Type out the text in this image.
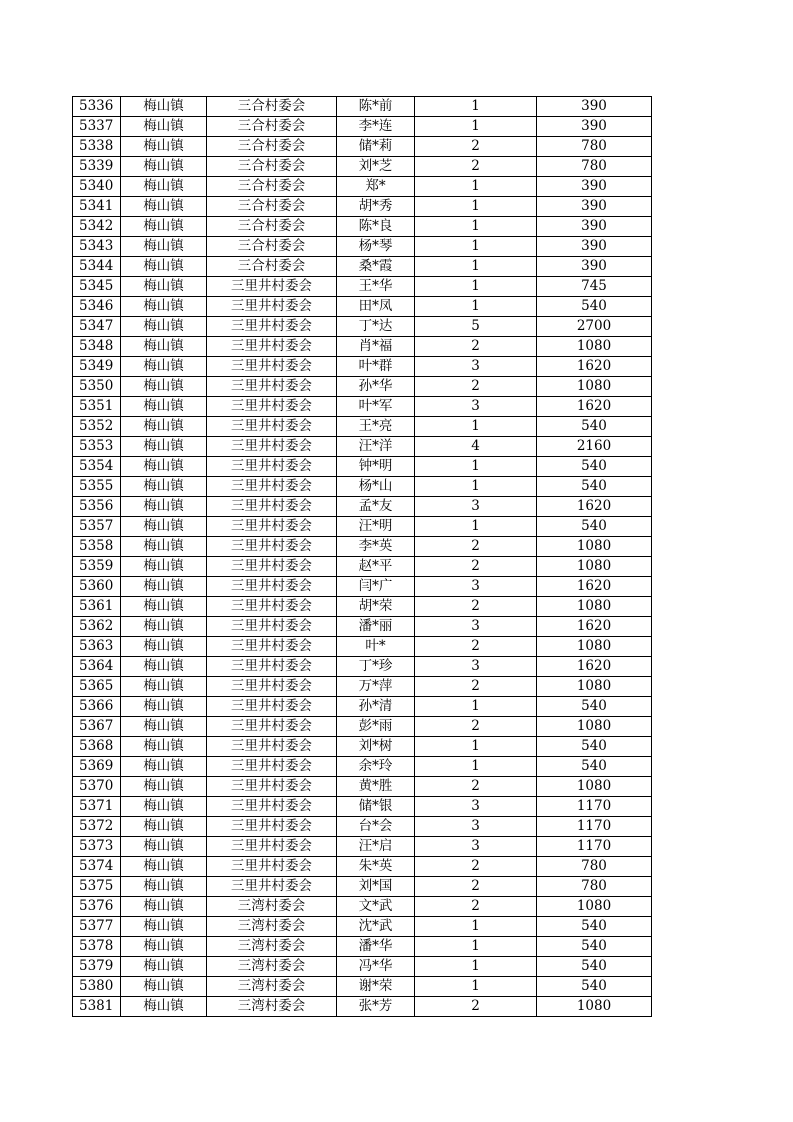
5336	梅山镇	三合村委会	陈*前	1	390
5337	梅山镇	三合村委会	李*连	1	390
5338	梅山镇	三合村委会	储*莉	2	780
5339	梅山镇	三合村委会	刘*芝	2	780
5340	梅山镇	三合村委会	郑*	1	390
5341	梅山镇	三合村委会	胡*秀	1	390
5342	梅山镇	三合村委会	陈*良	1	390
5343	梅山镇	三合村委会	杨*琴	1	390
5344	梅山镇	三合村委会	桑*霞	1	390
5345	梅山镇	三里井村委会	王*华	1	745
5346	梅山镇	三里井村委会	田*凤	1	540
5347	梅山镇	三里井村委会	丁*达	5	2700
5348	梅山镇	三里井村委会	肖*福	2	1080
5349	梅山镇	三里井村委会	叶*群	3	1620
5350	梅山镇	三里井村委会	孙*华	2	1080
5351	梅山镇	三里井村委会	叶*军	3	1620
5352	梅山镇	三里井村委会	王*亮	1	540
5353	梅山镇	三里井村委会	汪*洋	4	2160
5354	梅山镇	三里井村委会	钟*明	1	540
5355	梅山镇	三里井村委会	杨*山	1	540
5356	梅山镇	三里井村委会	孟*友	3	1620
5357	梅山镇	三里井村委会	汪*明	1	540
5358	梅山镇	三里井村委会	李*英	2	1080
5359	梅山镇	三里井村委会	赵*平	2	1080
5360	梅山镇	三里井村委会	闫*广	3	1620
5361	梅山镇	三里井村委会	胡*荣	2	1080
5362	梅山镇	三里井村委会	潘*丽	3	1620
5363	梅山镇	三里井村委会	叶*	2	1080
5364	梅山镇	三里井村委会	丁*珍	3	1620
5365	梅山镇	三里井村委会	万*萍	2	1080
5366	梅山镇	三里井村委会	孙*清	1	540
5367	梅山镇	三里井村委会	彭*雨	2	1080
5368	梅山镇	三里井村委会	刘*树	1	540
5369	梅山镇	三里井村委会	余*玲	1	540
5370	梅山镇	三里井村委会	黄*胜	2	1080
5371	梅山镇	三里井村委会	储*银	3	1170
5372	梅山镇	三里井村委会	台*会	3	1170
5373	梅山镇	三里井村委会	汪*启	3	1170
5374	梅山镇	三里井村委会	朱*英	2	780
5375	梅山镇	三里井村委会	刘*国	2	780
5376	梅山镇	三湾村委会	文*武	2	1080
5377	梅山镇	三湾村委会	沈*武	1	540
5378	梅山镇	三湾村委会	潘*华	1	540
5379	梅山镇	三湾村委会	冯*华	1	540
5380	梅山镇	三湾村委会	谢*荣	1	540
5381	梅山镇	三湾村委会	张*芳	2	1080
